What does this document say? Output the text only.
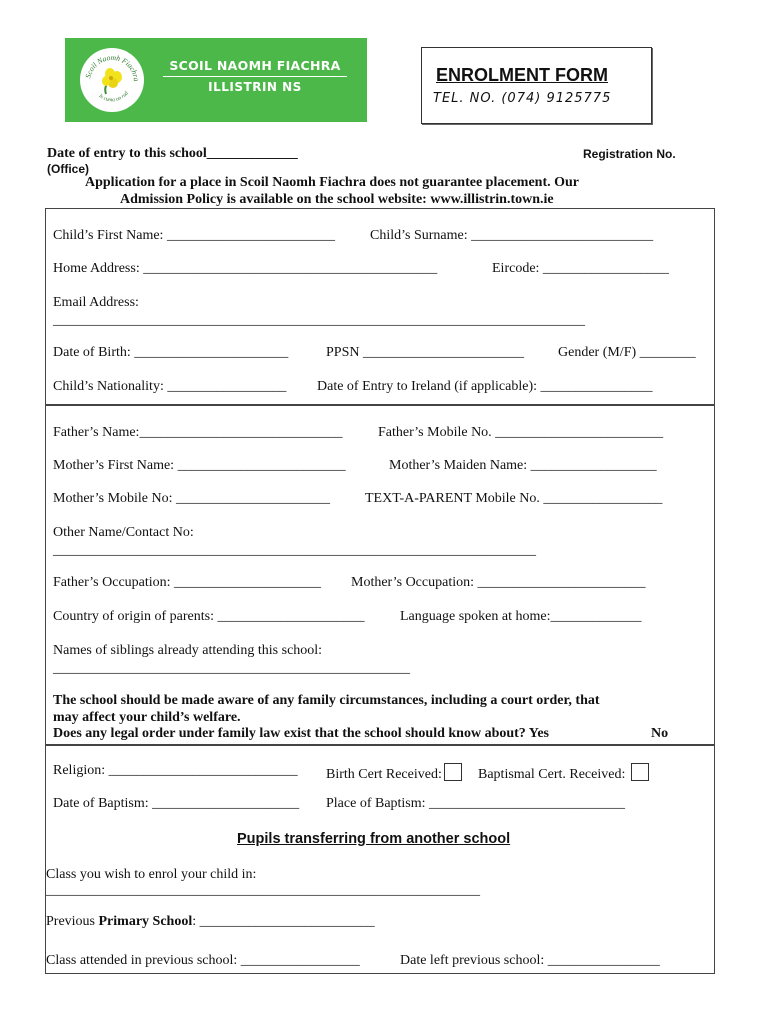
Scoil Naomh Fiachra
Is cuma on rud
SCOIL NAOMH FIACHRA
ILLISTRIN NS
ENROLMENT FORM
TEL. NO. (074) 9125775
Date of entry to this school_____________
(Office)
Registration No.
Application for a place in Scoil Naomh Fiachra does not guarantee placement. Our
Admission Policy is available on the school website: www.illistrin.town.ie
Child’s First Name: ________________________	Child’s Surname: __________________________
Home Address: __________________________________________	Eircode: __________________
Email Address:
____________________________________________________________________________
Date of Birth: ______________________	PPSN _______________________ Gender (M/F) ________
Child’s Nationality: _________________ Date of Entry to Ireland (if applicable): ________________
Father’s Name:_____________________________	Father’s Mobile No. ________________________
Mother’s First Name: ________________________	Mother’s Maiden Name: __________________
Mother’s Mobile No: ______________________ TEXT-A-PARENT Mobile No. _________________
Other Name/Contact No:
_____________________________________________________________________
Father’s Occupation: _____________________ Mother’s Occupation: ________________________
Country of origin of parents: _____________________	Language spoken at home:_____________
Names of siblings already attending this school:
___________________________________________________
The school should be made aware of any family circumstances, including a court order, that
may affect your child’s welfare.
Does any legal order under family law exist that the school should know about? Yes	No
Religion: ___________________________ Birth Cert Received:	Baptismal Cert. Received:
Date of Baptism: _____________________ Place of Baptism: ____________________________
Pupils transferring from another school
Class you wish to enrol your child in:
______________________________________________________________
Previous Primary School: _________________________
Class attended in previous school: _________________	Date left previous school: ________________
